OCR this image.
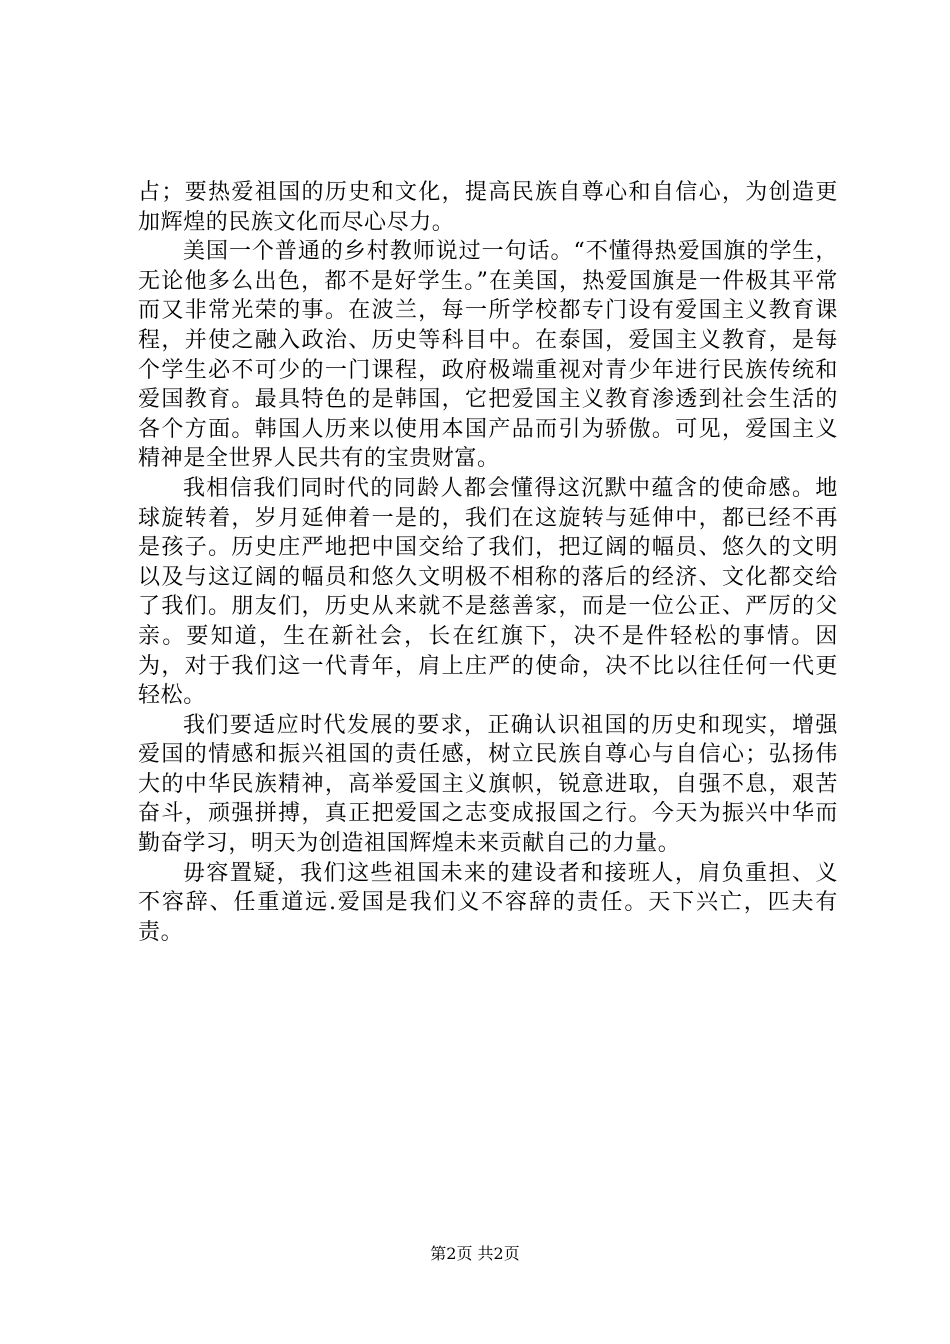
占；要热爱祖国的历史和文化，提高民族自尊心和自信心，为创造更加辉煌的民族文化而尽心尽力。

美国一个普通的乡村教师说过一句话。“不懂得热爱国旗的学生，无论他多么出色，都不是好学生。”在美国，热爱国旗是一件极其平常而又非常光荣的事。在波兰，每一所学校都专门设有爱国主义教育课程，并使之融入政治、历史等科目中。在泰国，爱国主义教育，是每个学生必不可少的一门课程，政府极端重视对青少年进行民族传统和爱国教育。最具特色的是韩国，它把爱国主义教育渗透到社会生活的各个方面。韩国人历来以使用本国产品而引为骄傲。可见，爱国主义精神是全世界人民共有的宝贵财富。

我相信我们同时代的同龄人都会懂得这沉默中蕴含的使命感。地球旋转着，岁月延伸着一是的，我们在这旋转与延伸中，都已经不再是孩子。历史庄严地把中国交给了我们，把辽阔的幅员、悠久的文明以及与这辽阔的幅员和悠久文明极不相称的落后的经济、文化都交给了我们。朋友们，历史从来就不是慈善家，而是一位公正、严厉的父亲。要知道，生在新社会，长在红旗下，决不是件轻松的事情。因为，对于我们这一代青年，肩上庄严的使命，决不比以往任何一代更轻松。

我们要适应时代发展的要求，正确认识祖国的历史和现实，增强爱国的情感和振兴祖国的责任感，树立民族自尊心与自信心；弘扬伟大的中华民族精神，高举爱国主义旗帜，锐意进取，自强不息，艰苦奋斗，顽强拼搏，真正把爱国之志变成报国之行。今天为振兴中华而勤奋学习，明天为创造祖国辉煌未来贡献自己的力量。

毋容置疑，我们这些祖国未来的建设者和接班人，肩负重担、义不容辞、任重道远.爱国是我们义不容辞的责任。天下兴亡，匹夫有责。

第2页 共2页
